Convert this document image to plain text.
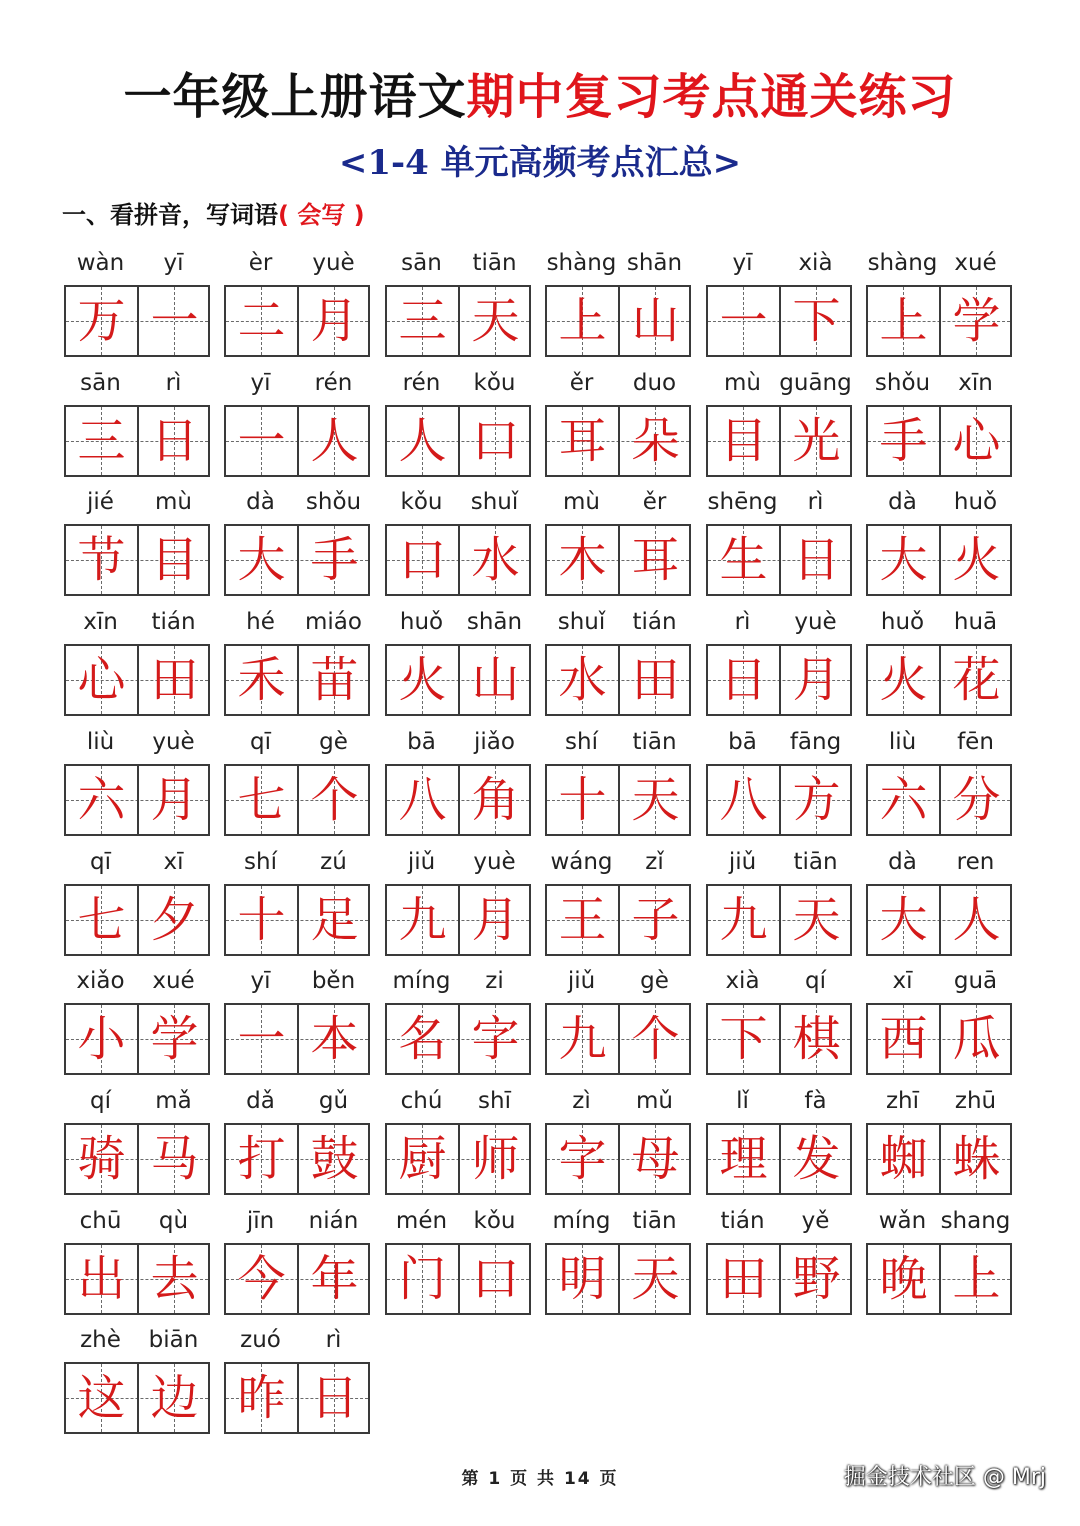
一年级上册语文期中复习考点通关练习
<1-4 单元高频考点汇总>
一、看拼音，写词语( 会写 )
wàn	yī
万 一
èr	yuè
二 月
sān	tiān
三 天
shàng shān
上 山
yī	xià
一 下
shàng xué
上 学
sān	rì
三 日
yī	rén
一 人
rén	kǒu
人 口
ěr	duo
耳 朵
mù guāng
目 光
shǒu	xīn
手 心
jié	mù
节 目
dà	shǒu
大 手
kǒu	shuǐ
口 水
mù	ěr
木 耳
shēng	rì
生 日
dà	huǒ
大 火
xīn	tián
心 田
hé	miáo
禾 苗
huǒ	shān
火 山
shuǐ	tián
水 田
rì	yuè
日 月
huǒ	huā
火 花
liù	yuè
六 月
qī	gè
七 个
bā	jiǎo
八 角
shí	tiān
十 天
bā	fāng
八 方
liù	fēn
六 分
qī	xī
七 夕
shí	zú
十 足
jiǔ	yuè
九 月
wáng	zǐ
王 子
jiǔ	tiān
九 天
dà	ren
大 人
xiǎo	xué
小 学
yī	běn
一 本
míng	zi
名 字
jiǔ	gè
九 个
xià	qí
下 棋
xī	guā
西 瓜
qí	mǎ
骑 马
dǎ	gǔ
打 鼓
chú	shī
厨 师
zì	mǔ
字 母
lǐ	fà
理 发
zhī	zhū
蜘 蛛
chū	qù
出 去
jīn	nián
今 年
mén	kǒu
门 口
míng tiān
明 天
tián	yě
田 野
wǎn shang
晚 上
zhè	biān
这 边
zuó	rì
昨 日
第 1 页 共 14 页	掘金技术社区 @ Mrj
